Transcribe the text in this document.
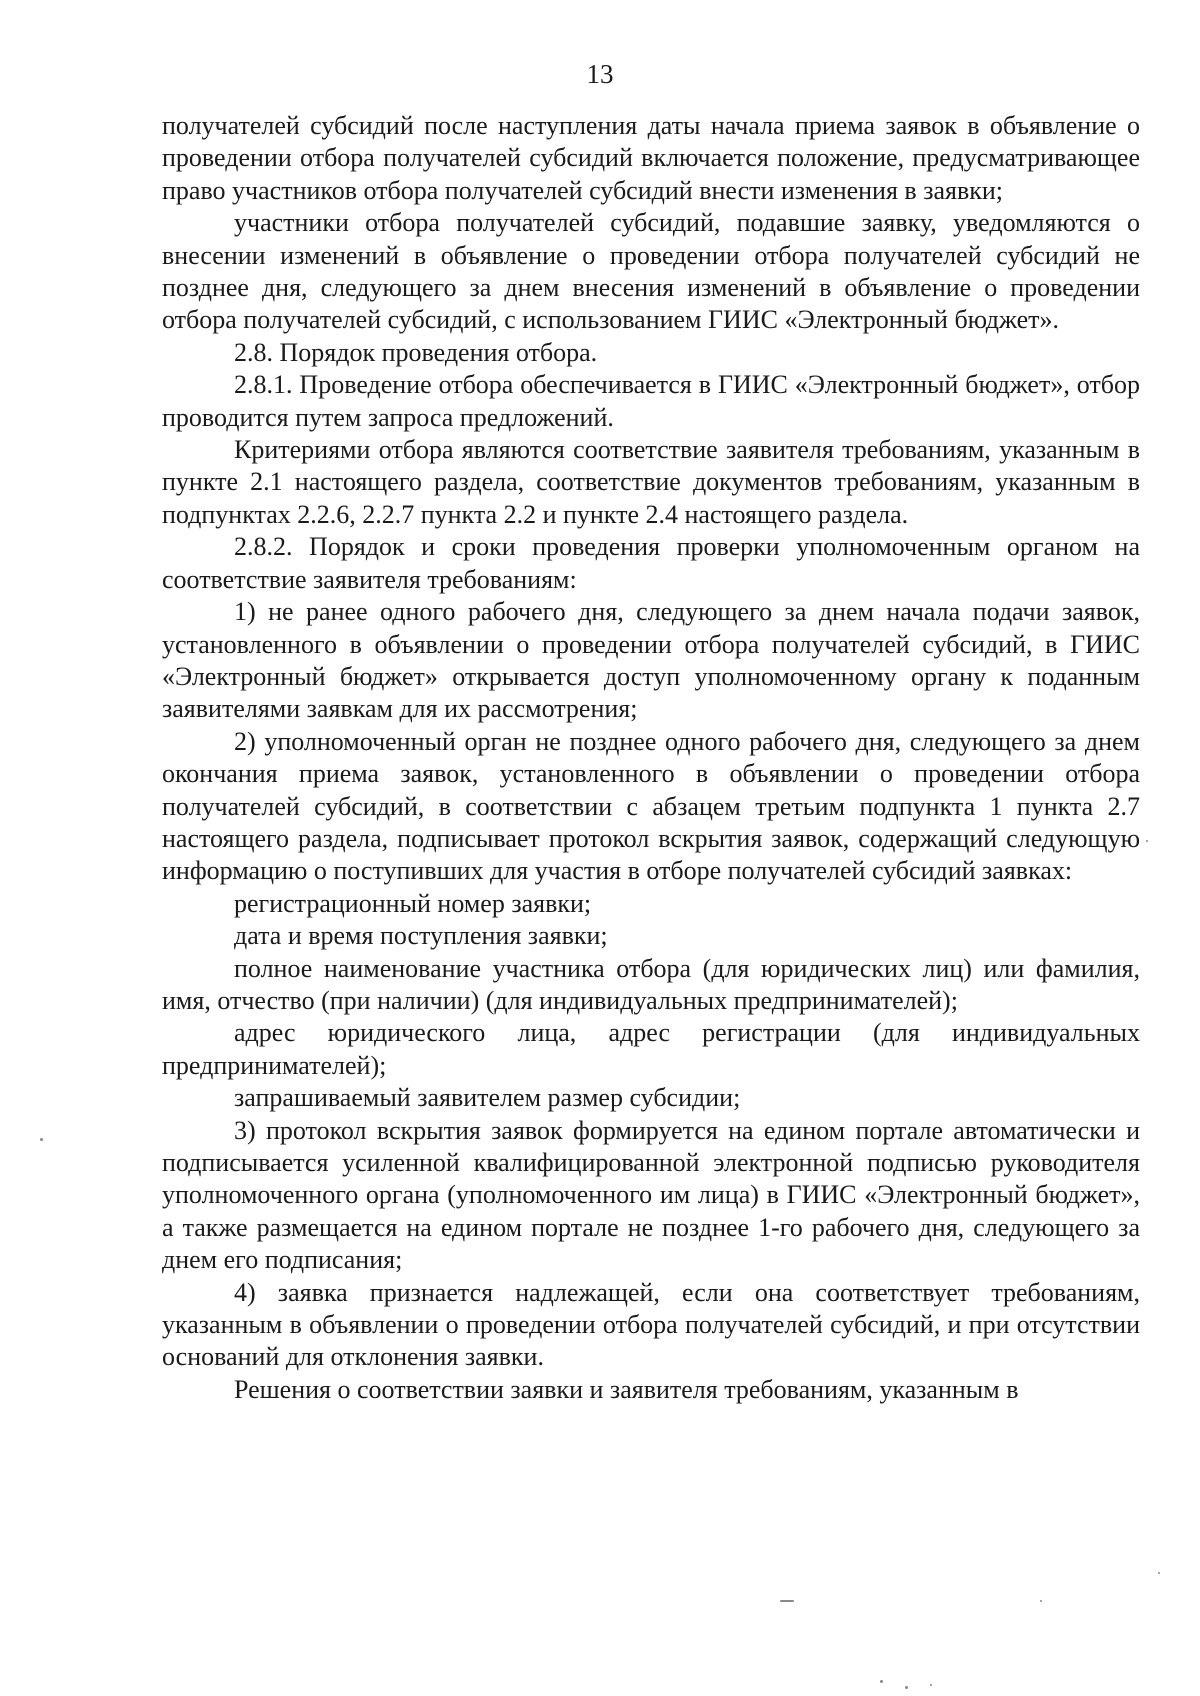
13

получателей субсидий после наступления даты начала приема заявок в объявление о проведении отбора получателей субсидий включается положение, предусматривающее право участников отбора получателей субсидий внести изменения в заявки;

участники отбора получателей субсидий, подавшие заявку, уведомляются о внесении изменений в объявление о проведении отбора получателей субсидий не позднее дня, следующего за днем внесения изменений в объявление о проведении отбора получателей субсидий, с использованием ГИИС «Электронный бюджет».

2.8. Порядок проведения отбора.

2.8.1. Проведение отбора обеспечивается в ГИИС «Электронный бюджет», отбор проводится путем запроса предложений.

Критериями отбора являются соответствие заявителя требованиям, указанным в пункте 2.1 настоящего раздела, соответствие документов требованиям, указанным в подпунктах 2.2.6, 2.2.7 пункта 2.2 и пункте 2.4 настоящего раздела.

2.8.2. Порядок и сроки проведения проверки уполномоченным органом на соответствие заявителя требованиям:

1) не ранее одного рабочего дня, следующего за днем начала подачи заявок, установленного в объявлении о проведении отбора получателей субсидий, в ГИИС «Электронный бюджет» открывается доступ уполномоченному органу к поданным заявителями заявкам для их рассмотрения;

2) уполномоченный орган не позднее одного рабочего дня, следующего за днем окончания приема заявок, установленного в объявлении о проведении отбора получателей субсидий, в соответствии с абзацем третьим подпункта 1 пункта 2.7 настоящего раздела, подписывает протокол вскрытия заявок, содержащий следующую информацию о поступивших для участия в отборе получателей субсидий заявках:

регистрационный номер заявки;

дата и время поступления заявки;

полное наименование участника отбора (для юридических лиц) или фамилия, имя, отчество (при наличии) (для индивидуальных предпринимателей);

адрес юридического лица, адрес регистрации (для индивидуальных предпринимателей);

запрашиваемый заявителем размер субсидии;

3) протокол вскрытия заявок формируется на едином портале автоматически и подписывается усиленной квалифицированной электронной подписью руководителя уполномоченного органа (уполномоченного им лица) в ГИИС «Электронный бюджет», а также размещается на едином портале не позднее 1-го рабочего дня, следующего за днем его подписания;

4) заявка признается надлежащей, если она соответствует требованиям, указанным в объявлении о проведении отбора получателей субсидий, и при отсутствии оснований для отклонения заявки.

Решения о соответствии заявки и заявителя требованиям, указанным в
